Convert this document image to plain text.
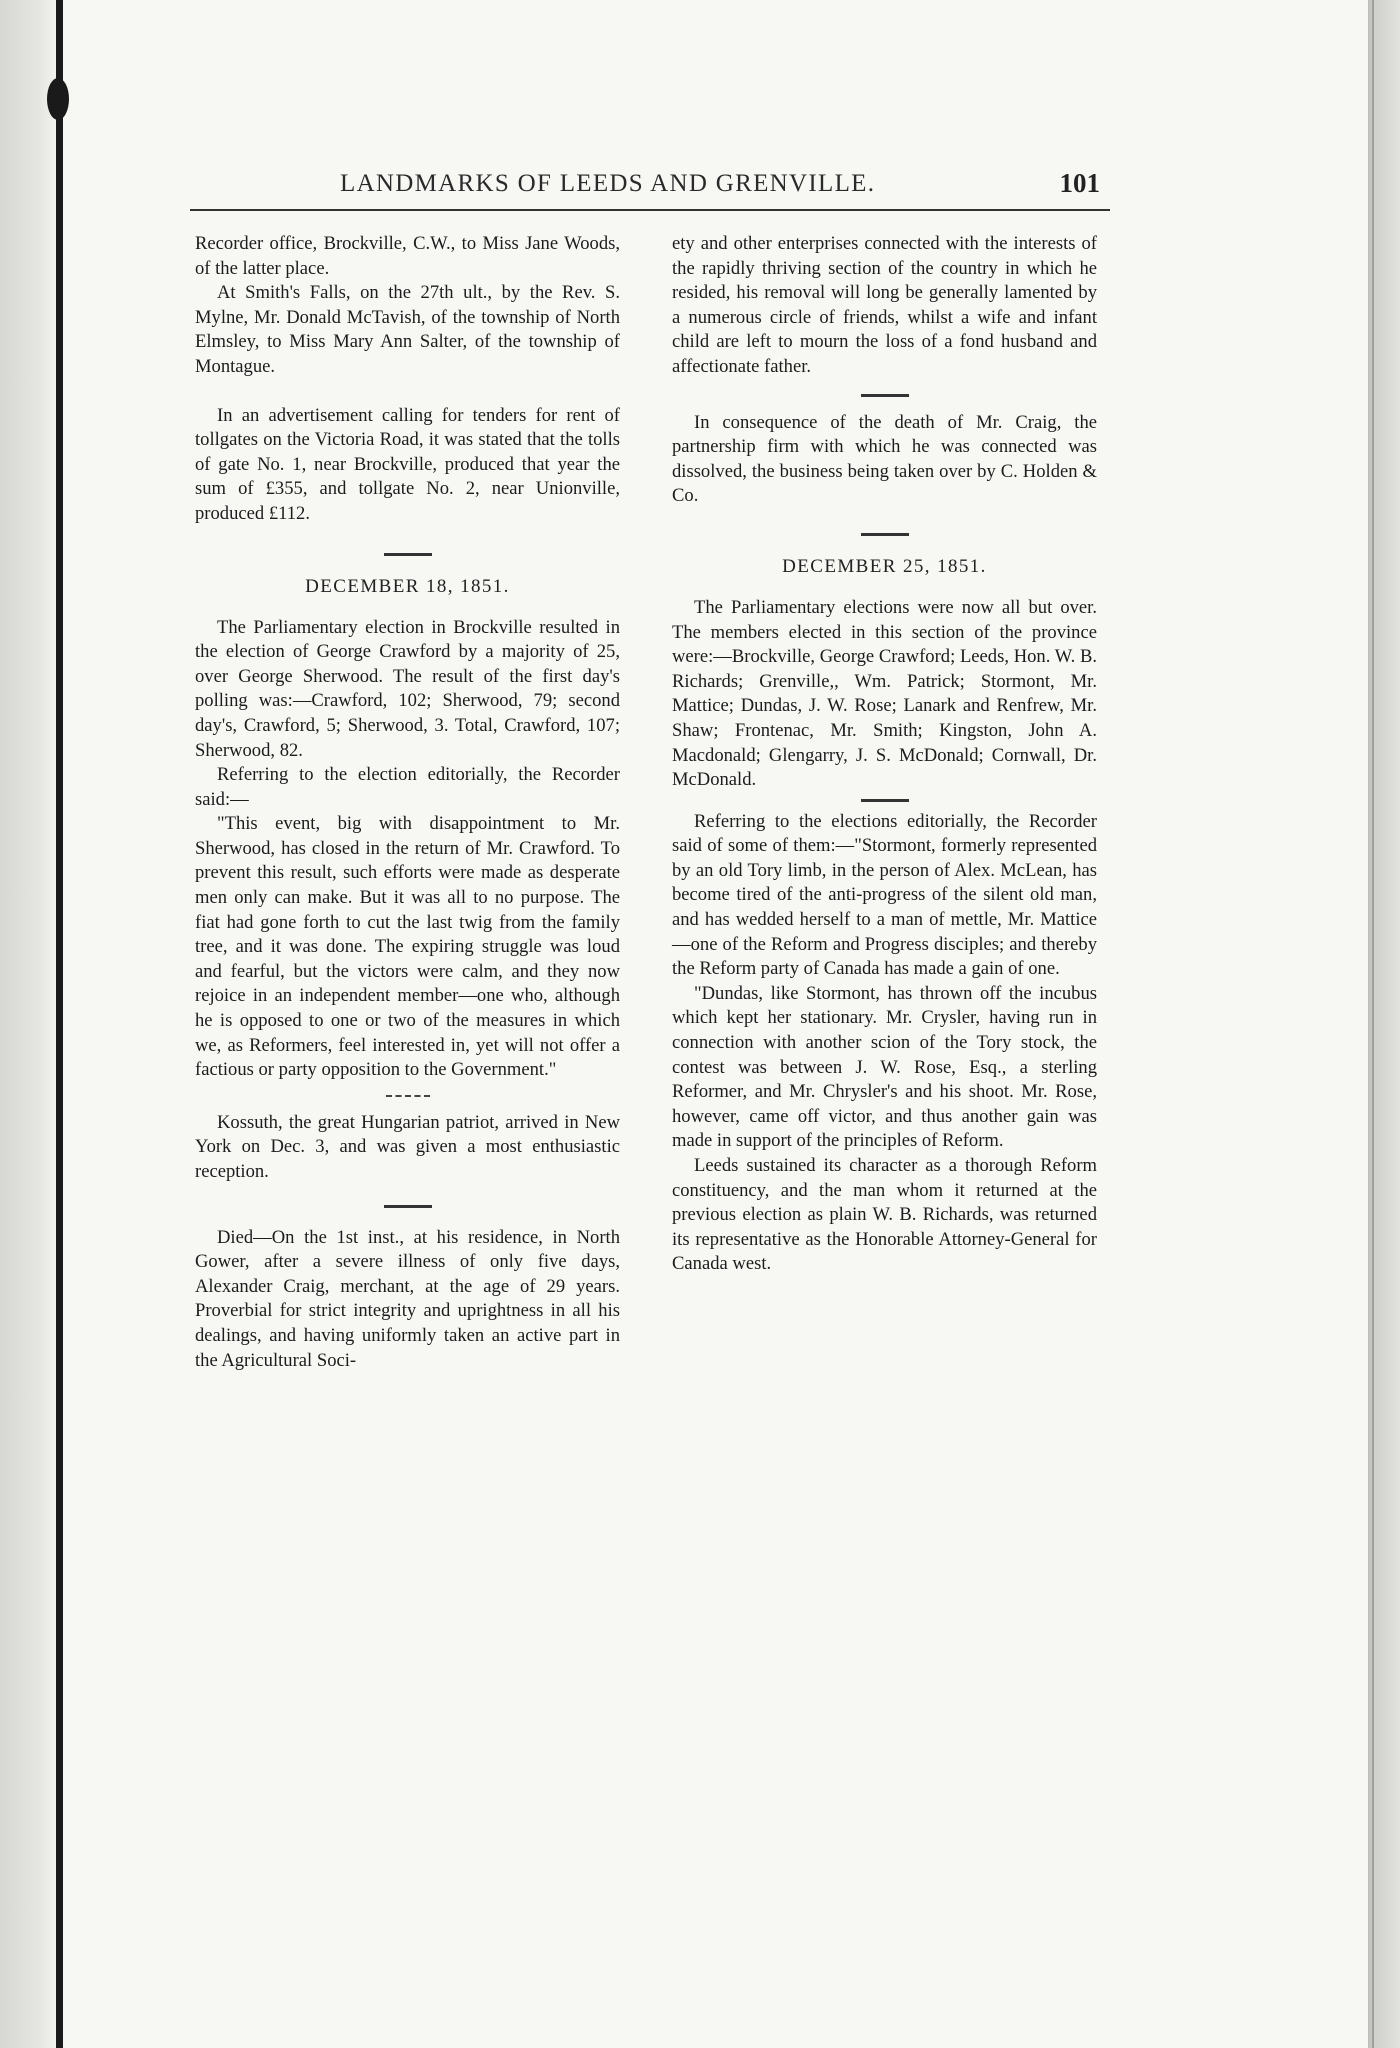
LANDMARKS OF LEEDS AND GRENVILLE.	101

Recorder office, Brockville, C.W., to Miss Jane Woods, of the latter place.

At Smith's Falls, on the 27th ult., by the Rev. S. Mylne, Mr. Donald McTavish, of the township of North Elmsley, to Miss Mary Ann Salter, of the township of Montague.

In an advertisement calling for tenders for rent of tollgates on the Victoria Road, it was stated that the tolls of gate No. 1, near Brockville, produced that year the sum of £355, and tollgate No. 2, near Unionville, produced £112.

DECEMBER 18, 1851.

The Parliamentary election in Brockville resulted in the election of George Crawford by a majority of 25, over George Sherwood. The result of the first day's polling was:—Crawford, 102; Sherwood, 79; second day's, Crawford, 5; Sherwood, 3. Total, Crawford, 107; Sherwood, 82.

Referring to the election editorially, the Recorder said:—

"This event, big with disappointment to Mr. Sherwood, has closed in the return of Mr. Crawford. To prevent this result, such efforts were made as desperate men only can make. But it was all to no purpose. The fiat had gone forth to cut the last twig from the family tree, and it was done. The expiring struggle was loud and fearful, but the victors were calm, and they now rejoice in an independent member—one who, although he is opposed to one or two of the measures in which we, as Reformers, feel interested in, yet will not offer a factious or party opposition to the Government."

Kossuth, the great Hungarian patriot, arrived in New York on Dec. 3, and was given a most enthusiastic reception.

Died—On the 1st inst., at his residence, in North Gower, after a severe illness of only five days, Alexander Craig, merchant, at the age of 29 years. Proverbial for strict integrity and uprightness in all his dealings, and having uniformly taken an active part in the Agricultural Soci-

ety and other enterprises connected with the interests of the rapidly thriving section of the country in which he resided, his removal will long be generally lamented by a numerous circle of friends, whilst a wife and infant child are left to mourn the loss of a fond husband and affectionate father.

In consequence of the death of Mr. Craig, the partnership firm with which he was connected was dissolved, the business being taken over by C. Holden & Co.

DECEMBER 25, 1851.

The Parliamentary elections were now all but over. The members elected in this section of the province were:—Brockville, George Crawford; Leeds, Hon. W. B. Richards; Grenville,, Wm. Patrick; Stormont, Mr. Mattice; Dundas, J. W. Rose; Lanark and Renfrew, Mr. Shaw; Frontenac, Mr. Smith; Kingston, John A. Macdonald; Glengarry, J. S. McDonald; Cornwall, Dr. McDonald.

Referring to the elections editorially, the Recorder said of some of them:—"Stormont, formerly represented by an old Tory limb, in the person of Alex. McLean, has become tired of the anti-progress of the silent old man, and has wedded herself to a man of mettle, Mr. Mattice—one of the Reform and Progress disciples; and thereby the Reform party of Canada has made a gain of one.

"Dundas, like Stormont, has thrown off the incubus which kept her stationary. Mr. Crysler, having run in connection with another scion of the Tory stock, the contest was between J. W. Rose, Esq., a sterling Reformer, and Mr. Chrysler's and his shoot. Mr. Rose, however, came off victor, and thus another gain was made in support of the principles of Reform.

Leeds sustained its character as a thorough Reform constituency, and the man whom it returned at the previous election as plain W. B. Richards, was returned its representative as the Honorable Attorney-General for Canada west.
